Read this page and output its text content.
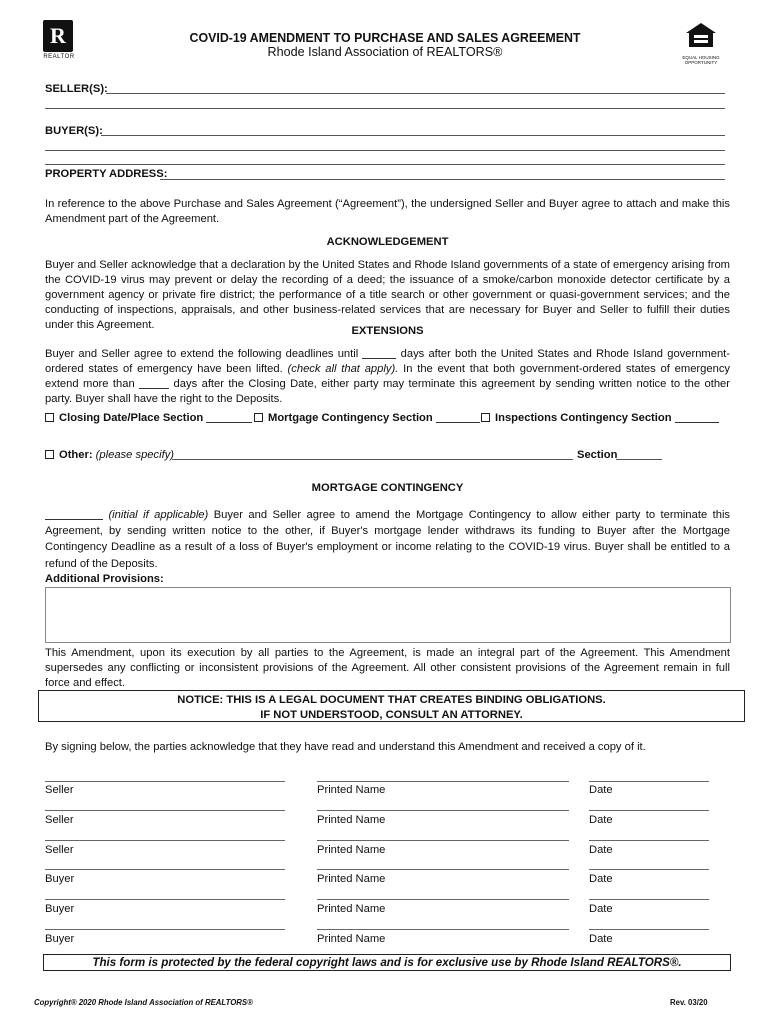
R
REALTOR
COVID-19 AMENDMENT TO PURCHASE AND SALES AGREEMENT
Rhode Island Association of REALTORS®	EQUAL HOUSING
OPPORTUNITY
SELLER(S):
BUYER(S):
PROPERTY ADDRESS:
In reference to the above Purchase and Sales Agreement (“Agreement”), the undersigned Seller and Buyer agree to attach and make this Amendment part of the Agreement.
ACKNOWLEDGEMENT
Buyer and Seller acknowledge that a declaration by the United States and Rhode Island governments of a state of emergency arising from the COVID-19 virus may prevent or delay the recording of a deed; the issuance of a smoke/carbon monoxide detector certificate by a government agency or private fire district; the performance of a title search or other government or quasi-government services; and the conducting of inspections, appraisals, and other business-related services that are necessary for Buyer and Seller to fulfill their duties under this Agreement.
EXTENSIONS
Buyer and Seller agree to extend the following deadlines until	days after both the United States and Rhode Island government-ordered states of emergency have been lifted. (check all that apply). In the event that both government-ordered states of emergency extend more than	days after the Closing Date, either party may terminate this agreement by sending written notice to the other party. Buyer shall have the right to the Deposits.
Closing Date/Place Section	Mortgage Contingency Section	Inspections Contingency Section
Other: (please specify)	Section
MORTGAGE CONTINGENCY
(initial if applicable) Buyer and Seller agree to amend the Mortgage Contingency to allow either party to terminate this Agreement, by sending written notice to the other, if Buyer's mortgage lender withdraws its funding to Buyer after the Mortgage Contingency Deadline as a result of a loss of Buyer's employment or income relating to the COVID-19 virus. Buyer shall be entitled to a refund of the Deposits.
Additional Provisions:
This Amendment, upon its execution by all parties to the Agreement, is made an integral part of the Agreement. This Amendment supersedes any conflicting or inconsistent provisions of the Agreement. All other consistent provisions of the Agreement remain in full force and effect.
NOTICE: THIS IS A LEGAL DOCUMENT THAT CREATES BINDING OBLIGATIONS.
IF NOT UNDERSTOOD, CONSULT AN ATTORNEY.
By signing below, the parties acknowledge that they have read and understand this Amendment and received a copy of it.
Seller	Printed Name	Date
Seller	Printed Name	Date
Seller	Printed Name	Date
Buyer	Printed Name	Date
Buyer	Printed Name	Date
Buyer	Printed Name	Date
This form is protected by the federal copyright laws and is for exclusive use by Rhode Island REALTORS®.
Copyright® 2020 Rhode Island Association of REALTORS®	Rev. 03/20
